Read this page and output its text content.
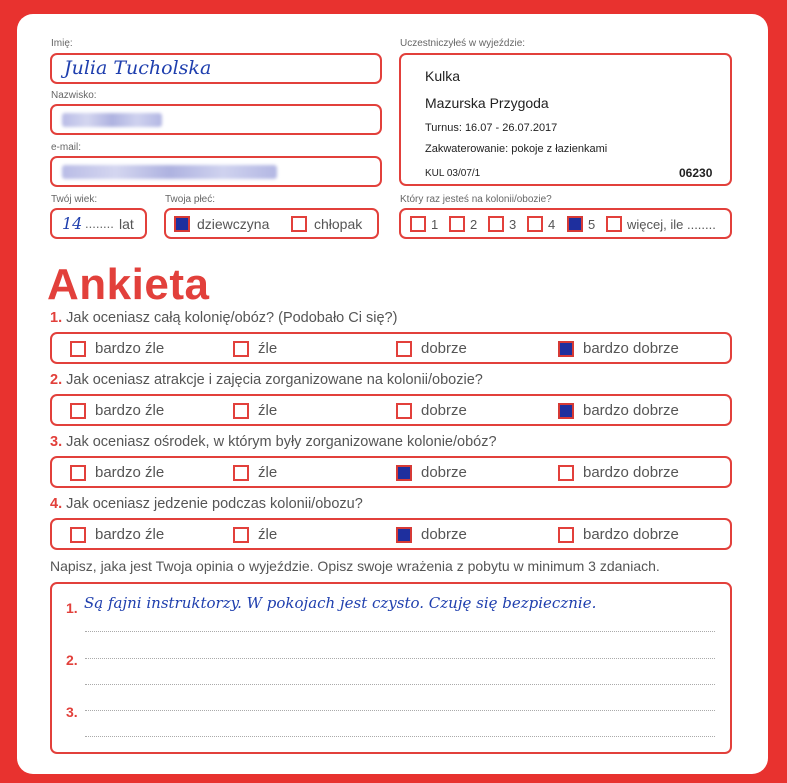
Imię:
Julia Tucholska
Nazwisko:
e-mail:
Twój wiek:
14 ........ lat
Twoja płeć:
dziewczyna	chłopak
Uczestniczyłeś w wyjeździe:
Kulka
Mazurska Przygoda
Turnus: 16.07 - 26.07.2017
Zakwaterowanie: pokoje z łazienkami
KUL 03/07/1	06230
Który raz jesteś na kolonii/obozie?
1 2 3 4	5 więcej, ile ........
Ankieta
1. Jak oceniasz całą kolonię/obóz? (Podobało Ci się?)
bardzo źle	źle	dobrze	bardzo dobrze
2. Jak oceniasz atrakcje i zajęcia zorganizowane na kolonii/obozie?
bardzo źle	źle	dobrze	bardzo dobrze
3. Jak oceniasz ośrodek, w którym były zorganizowane kolonie/obóz?
bardzo źle	źle	dobrze	bardzo dobrze
4. Jak oceniasz jedzenie podczas kolonii/obozu?
bardzo źle	źle	dobrze	bardzo dobrze
Napisz, jaka jest Twoja opinia o wyjeździe. Opisz swoje wrażenia z pobytu w minimum 3 zdaniach.
1. Są fajni instruktorzy. W pokojach jest czysto. Czuję się bezpiecznie.
2.
3.
